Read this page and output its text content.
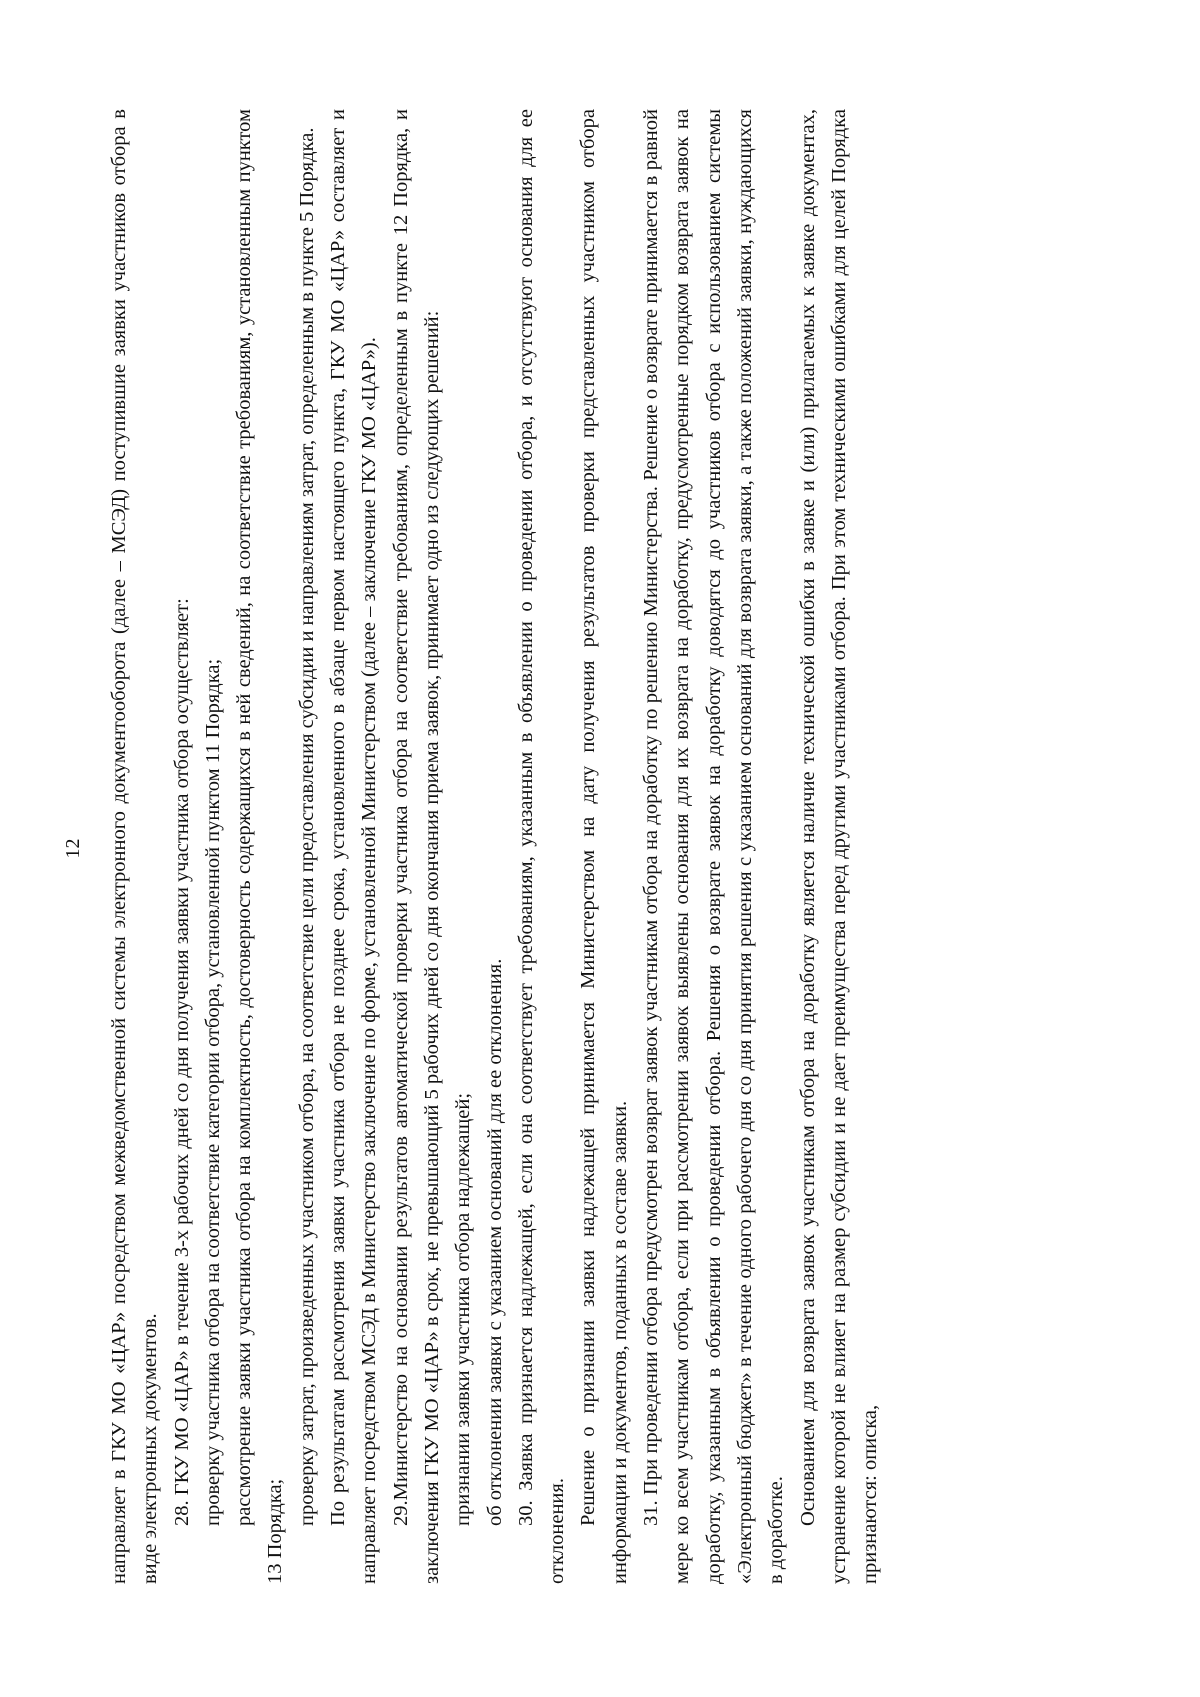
12 направляет в ГКУ МО «ЦАР» посредством межведомственной системы электронного документооборота (далее – МСЭД) поступившие заявки участников отбора в виде электронных документов. 28. ГКУ МО «ЦАР» в течение 3-х рабочих дней со дня получения заявки участника отбора осуществляет: проверку участника отбора на соответствие категории отбора, установленной пунктом 11 Порядка; рассмотрение заявки участника отбора на комплектность, достоверность содержащихся в ней сведений, на соответствие требованиям, установленным пунктом 13 Порядка;

проверку затрат, произведенных участником отбора, на соответствие цели предоставления субсидии и направлениям затрат, определенным в пункте 5 Порядка. По результатам рассмотрения заявки участника отбора не позднее срока, установленного в абзаце первом настоящего пункта, ГКУ МО «ЦАР» составляет и направляет посредством МСЭД в Министерство заключение по форме, установленной Министерством (далее – заключение ГКУ МО «ЦАР»). 29.Министерство на основании результатов автоматической проверки участника отбора на соответствие требованиям, определенным в пункте 12 Порядка, и заключения ГКУ МО «ЦАР» в срок, не превышающий 5 рабочих дней со дня окончания приема заявок, принимает одно из следующих решений: признании заявки участника отбора надлежащей; об отклонении заявки с указанием оснований для ее отклонения. 30. Заявка признается надлежащей, если она соответствует требованиям, указанным в объявлении о проведении отбора, и отсутствуют основания для ее отклонения.

Решение о признании заявки надлежащей принимается Министерством на дату получения результатов проверки представленных участником отбора информации и документов, поданных в составе заявки. 31. При проведении отбора предусмотрен возврат заявок участникам отбора на доработку по решению Министерства. Решение о возврате принимается в равной мере ко всем участникам отбора, если при рассмотрении заявок выявлены основания для их возврата на доработку, предусмотренные порядком возврата заявок на доработку, указанным в объявлении о проведении отбора. Решения о возврате заявок на доработку доводятся до участников отбора с использованием системы «Электронный бюджет» в течение одного рабочего дня со дня принятия решения с указанием оснований для возврата заявки, а также положений заявки, нуждающихся в доработке.

Основанием для возврата заявок участникам отбора на доработку является наличие технической ошибки в заявке и (или) прилагаемых к заявке документах, устранение которой не влияет на размер субсидии и не дает преимущества перед другими участниками отбора. При этом техническими ошибками для целей Порядка признаются: описка,
